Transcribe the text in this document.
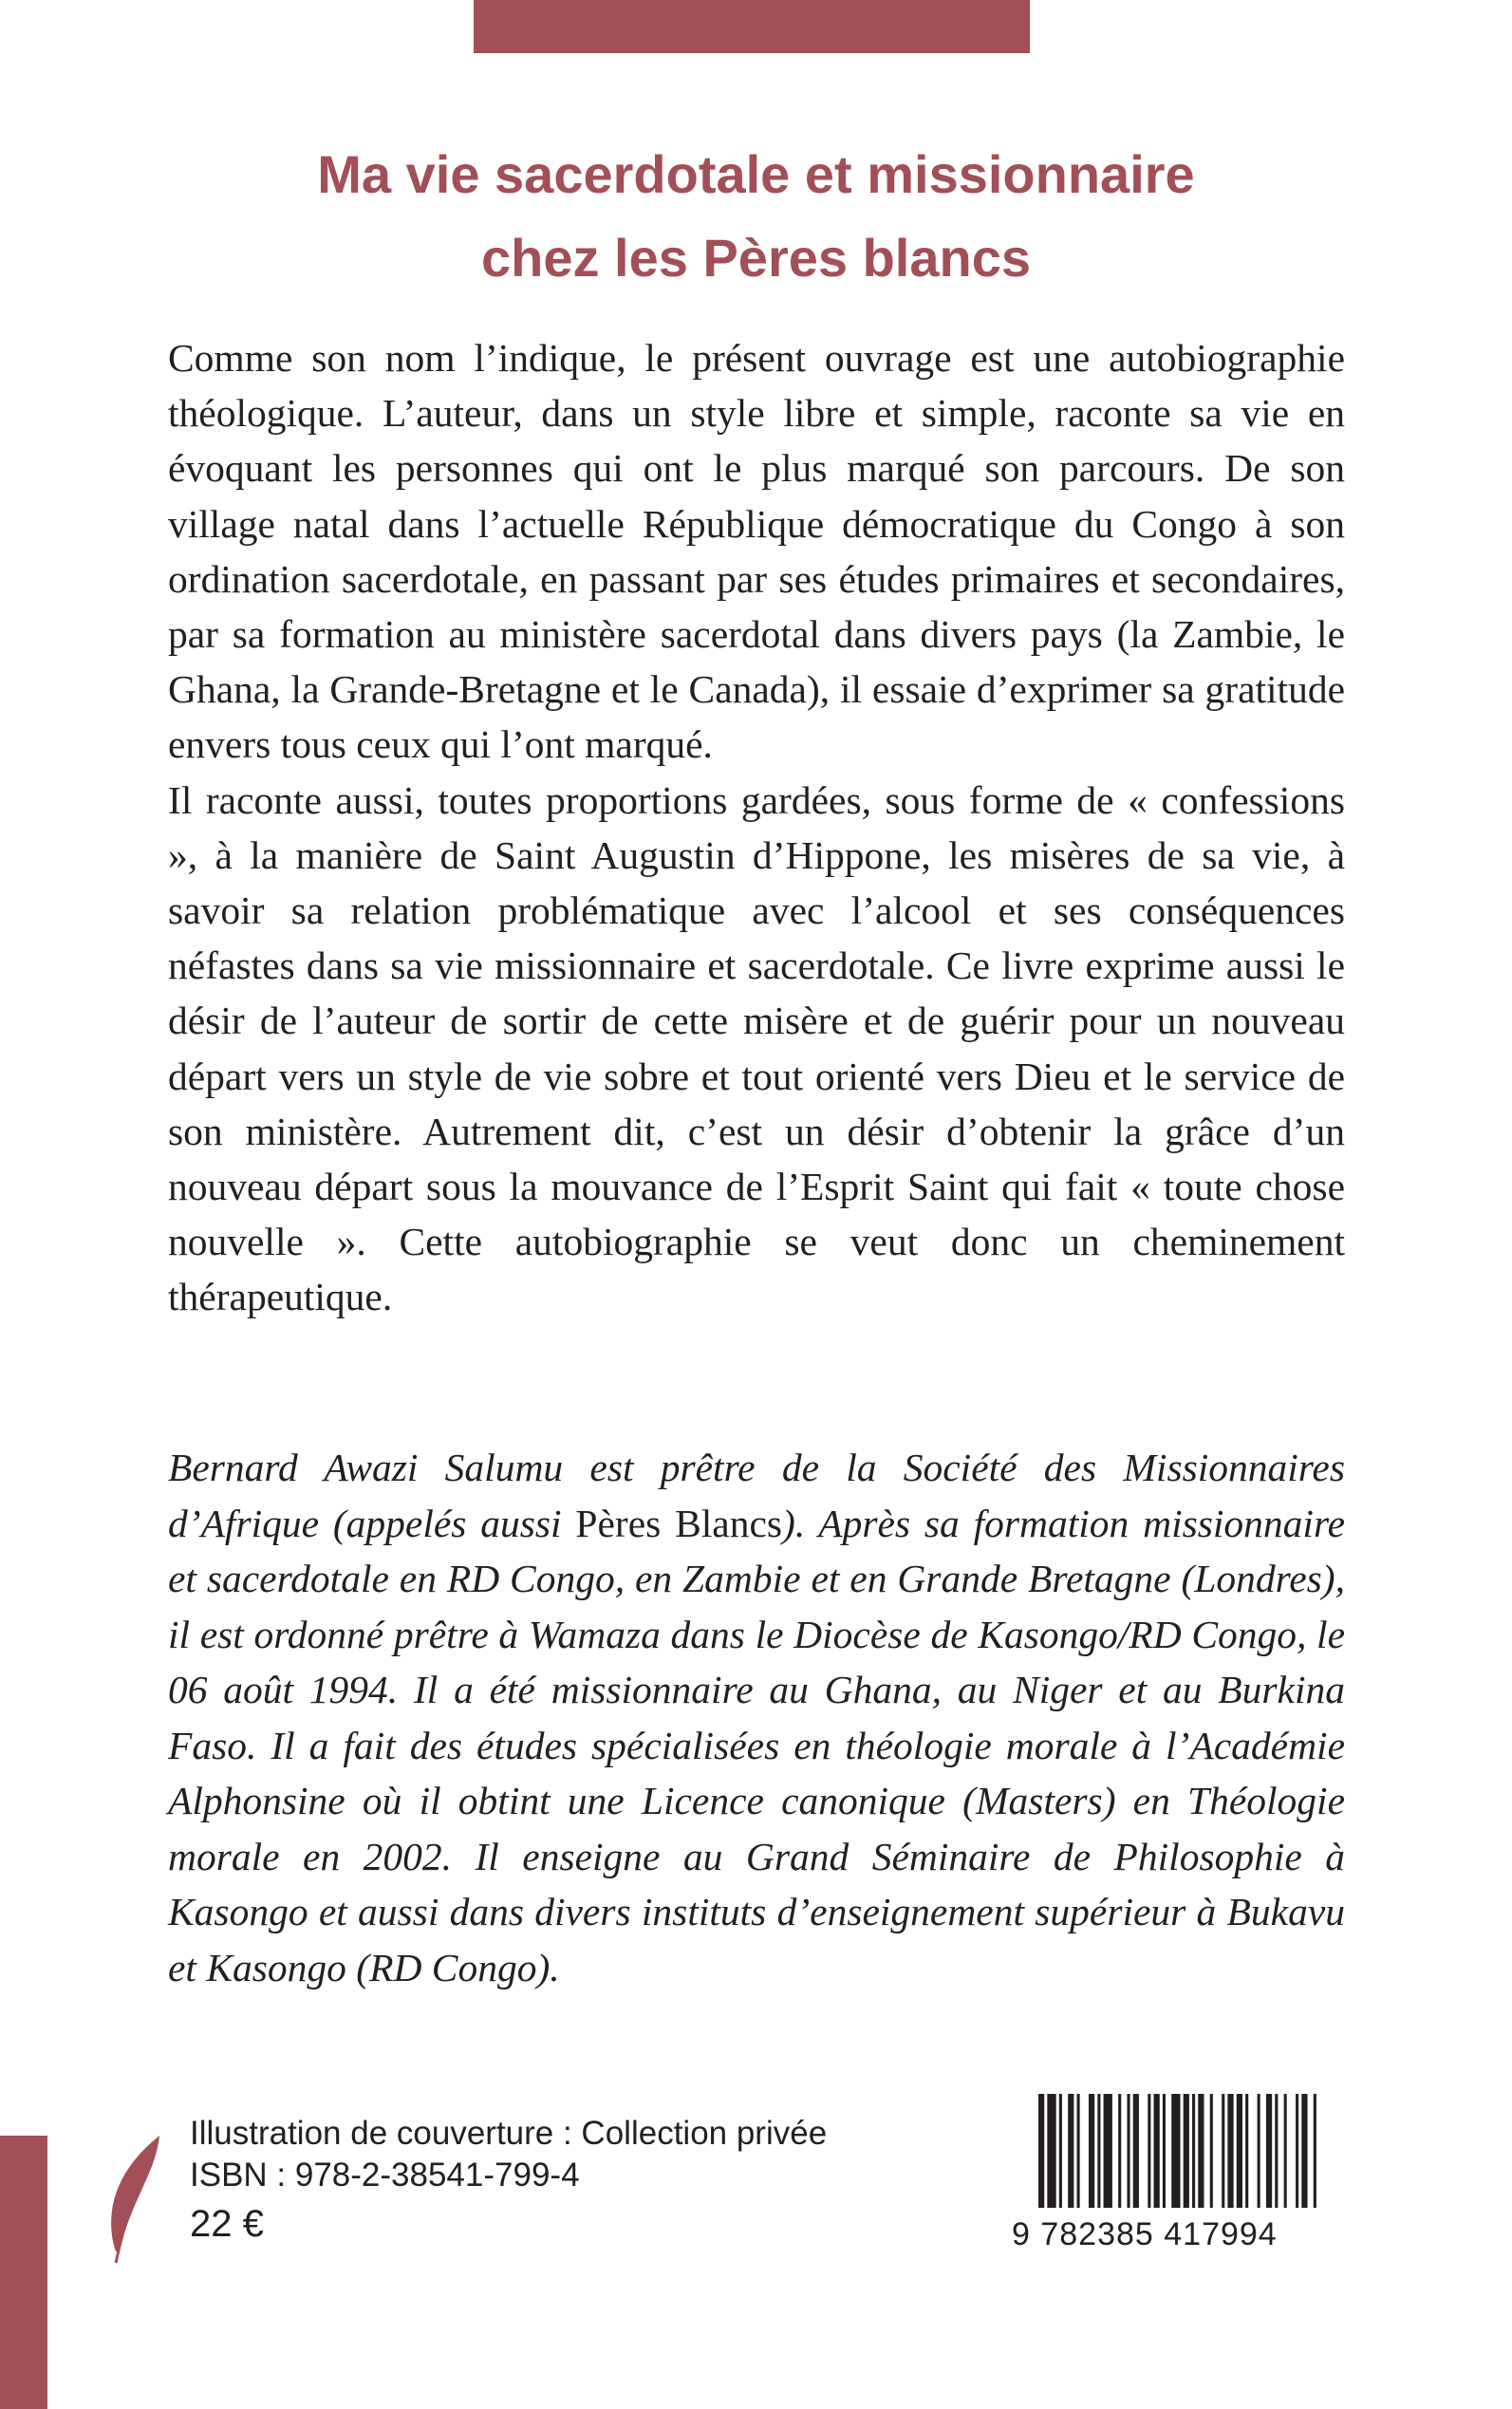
Ma vie sacerdotale et missionnaire
chez les Pères blancs

Comme son nom l’indique, le présent ouvrage est une autobiographie théologique. L’auteur, dans un style libre et simple, raconte sa vie en évoquant les personnes qui ont le plus marqué son parcours. De son village natal dans l’actuelle République démocratique du Congo à son ordination sacerdotale, en passant par ses études primaires et secondaires, par sa formation au ministère sacerdotal dans divers pays (la Zambie, le Ghana, la Grande-Bretagne et le Canada), il essaie d’exprimer sa gratitude envers tous ceux qui l’ont marqué.

Il raconte aussi, toutes proportions gardées, sous forme de « confessions », à la manière de Saint Augustin d’Hippone, les misères de sa vie, à savoir sa relation problématique avec l’alcool et ses conséquences néfastes dans sa vie missionnaire et sacerdotale. Ce livre exprime aussi le désir de l’auteur de sortir de cette misère et de guérir pour un nouveau départ vers un style de vie sobre et tout orienté vers Dieu et le service de son ministère. Autrement dit, c’est un désir d’obtenir la grâce d’un nouveau départ sous la mouvance de l’Esprit Saint qui fait « toute chose nouvelle ». Cette autobiographie se veut donc un cheminement thérapeutique.

Bernard Awazi Salumu est prêtre de la Société des Missionnaires d’Afrique (appelés aussi Pères Blancs). Après sa formation missionnaire et sacerdotale en RD Congo, en Zambie et en Grande Bretagne (Londres), il est ordonné prêtre à Wamaza dans le Diocèse de Kasongo/RD Congo, le 06 août 1994. Il a été missionnaire au Ghana, au Niger et au Burkina Faso. Il a fait des études spécialisées en théologie morale à l’Académie Alphonsine où il obtint une Licence canonique (Masters) en Théologie morale en 2002. Il enseigne au Grand Séminaire de Philosophie à Kasongo et aussi dans divers instituts d’enseignement supérieur à Bukavu et Kasongo (RD Congo).

Illustration de couverture : Collection privée
ISBN : 978-2-38541-799-4
22 €	9 782385 417994
